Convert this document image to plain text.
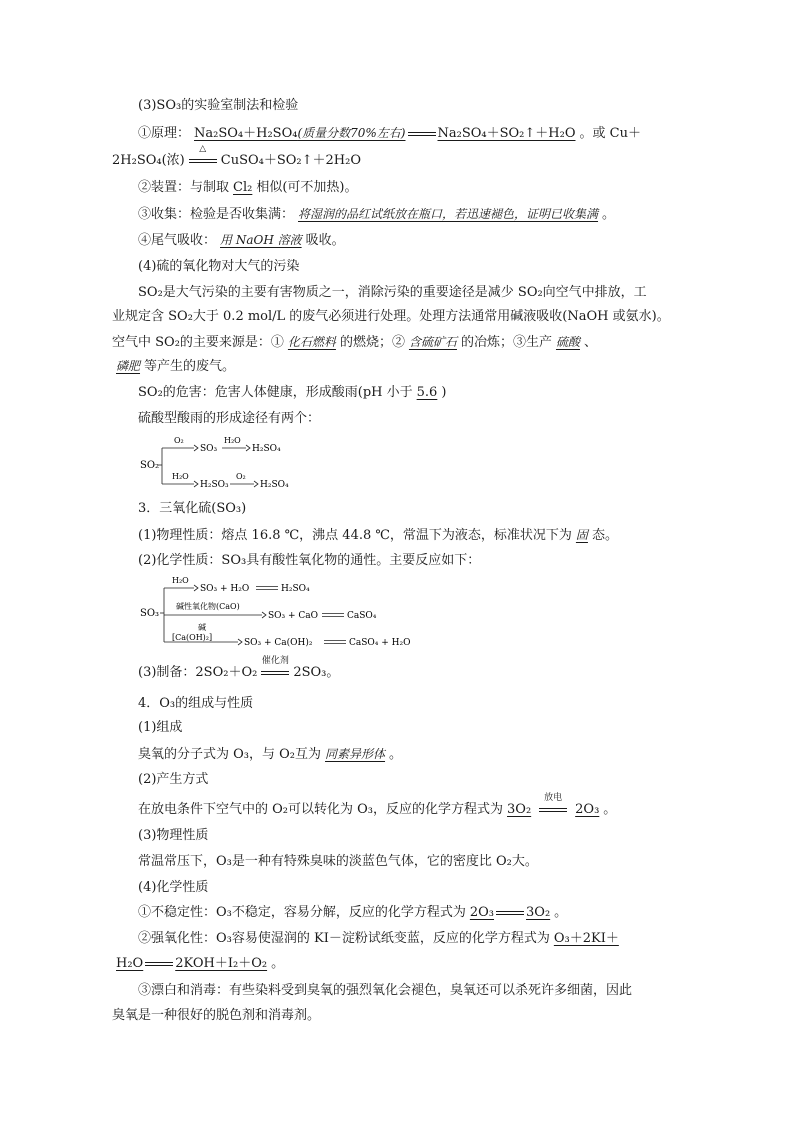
(3)SO₃的实验室制法和检验
①原理： Na₂SO₄＋H₂SO₄(质量分数70%左右) Na₂SO₄＋SO₂↑＋H₂O 。或 Cu＋
2H₂SO₄(浓)
△
CuSO₄＋SO₂↑＋2H₂O
②装置：与制取 Cl₂ 相似(可不加热)。
③收集：检验是否收集满： 将湿润的品红试纸放在瓶口，若迅速褪色，证明已收集满 。
④尾气吸收： 用 NaOH 溶液 吸收。
(4)硫的氧化物对大气的污染
SO₂是大气污染的主要有害物质之一，消除污染的重要途径是减少 SO₂向空气中排放，工
业规定含 SO₂大于 0.2 mol/L 的废气必须进行处理。处理方法通常用碱液吸收(NaOH 或氨水)。
空气中 SO₂的主要来源是：① 化石燃料 的燃烧；② 含硫矿石 的冶炼；③生产 硫酸 、
磷肥 等产生的废气。
SO₂的危害：危害人体健康，形成酸雨(pH 小于 5.6 )
硫酸型酸雨的形成途径有两个：
SO₂
O₂
SO₃
H₂O
H₂SO₄
H₂O
H₂SO₃
O₂
H₂SO₄
3．三氧化硫(SO₃)
(1)物理性质：熔点 16.8 ℃，沸点 44.8 ℃，常温下为液态，标准状况下为 固 态。
(2)化学性质：SO₃具有酸性氧化物的通性。主要反应如下：
SO₃
H₂O
SO₃ + H₂O	H₂SO₄
碱性氧化物(CaO)
SO₃ + CaO	CaSO₄
碱
[Ca(OH)₂]
SO₃ + Ca(OH)₂	CaSO₄ + H₂O
(3)制备：2SO₂＋O₂
催化剂
2SO₃。
4．O₃的组成与性质
(1)组成
臭氧的分子式为 O₃，与 O₂互为 同素异形体 。
(2)产生方式
在放电条件下空气中的 O₂可以转化为 O₃，反应的化学方程式为 3O₂
放电
2O₃ 。
(3)物理性质
常温常压下，O₃是一种有特殊臭味的淡蓝色气体，它的密度比 O₂大。
(4)化学性质
①不稳定性：O₃不稳定，容易分解，反应的化学方程式为 2O₃ 3O₂ 。
②强氧化性：O₃容易使湿润的 KI－淀粉试纸变蓝，反应的化学方程式为 O₃＋2KI＋
H₂O 2KOH＋I₂＋O₂ 。
③漂白和消毒：有些染料受到臭氧的强烈氧化会褪色，臭氧还可以杀死许多细菌，因此
臭氧是一种很好的脱色剂和消毒剂。
